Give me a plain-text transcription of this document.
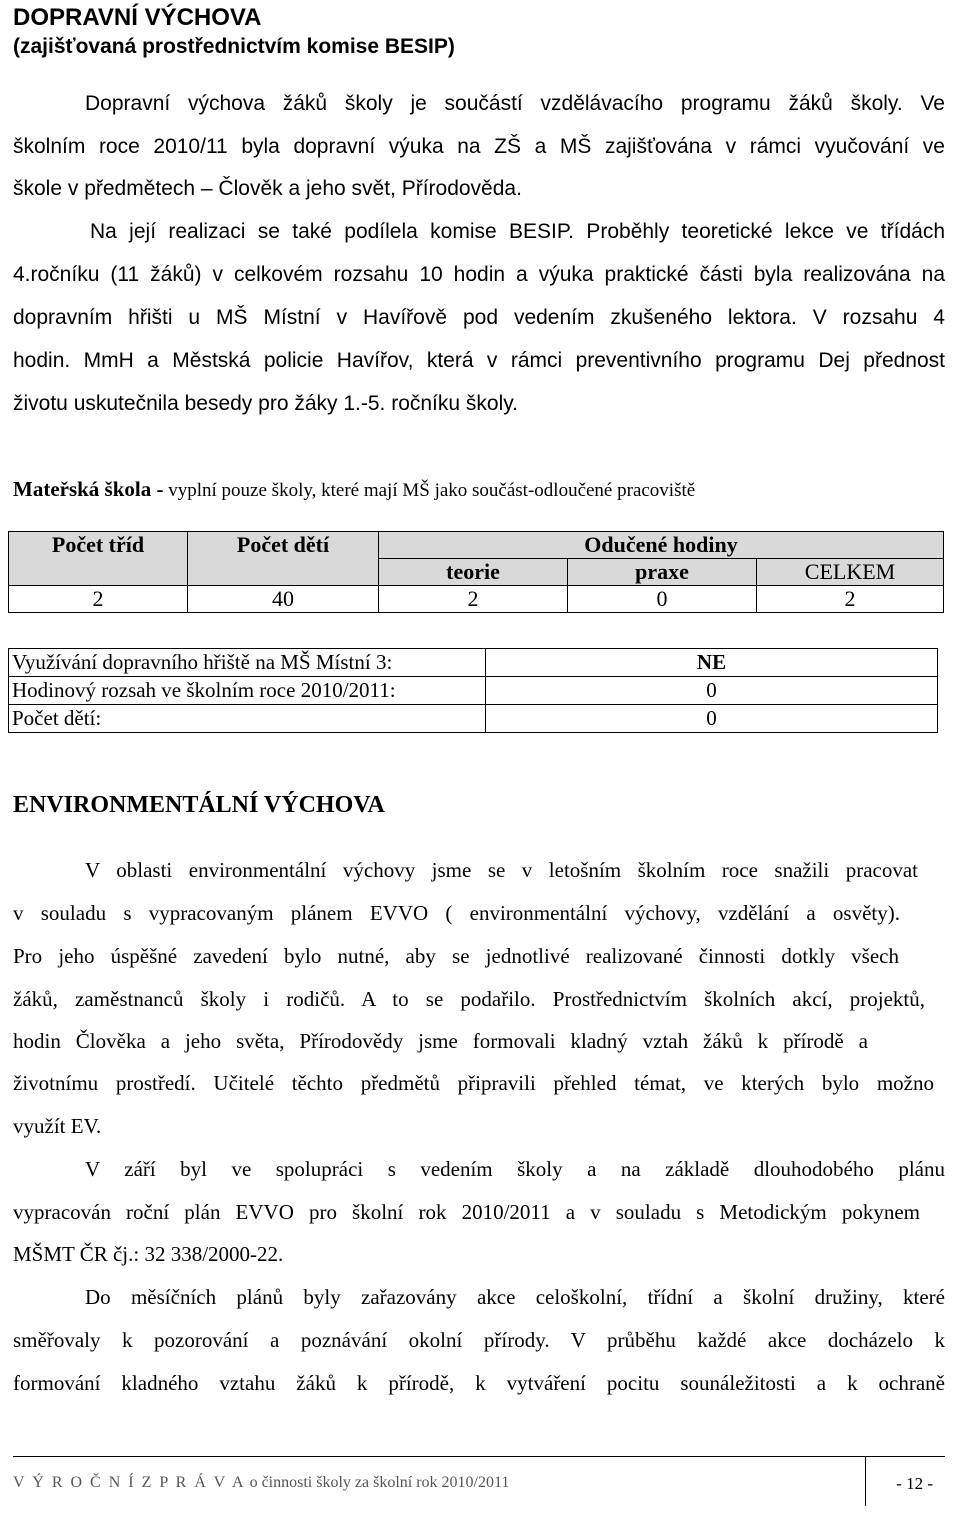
DOPRAVNÍ VÝCHOVA
(zajišťovaná prostřednictvím komise BESIP)
Dopravní výchova žáků školy je součástí vzdělávacího programu žáků školy. Ve
školním roce 2010/11 byla dopravní výuka na ZŠ a MŠ zajišťována v rámci vyučování ve
škole v předmětech – Člověk a jeho svět, Přírodověda.
Na její realizaci se také podílela komise BESIP. Proběhly teoretické lekce ve třídách
4.ročníku (11 žáků) v celkovém rozsahu 10 hodin a výuka praktické části byla realizována na
dopravním hřišti u MŠ Místní v Havířově pod vedením zkušeného lektora. V rozsahu 4
hodin. MmH a Městská policie Havířov, která v rámci preventivního programu Dej přednost
životu uskutečnila besedy pro žáky 1.-5. ročníku školy.
Mateřská škola - vyplní pouze školy, které mají MŠ jako součást-odloučené pracoviště
Počet tříd	Počet dětí	Odučené hodiny		
		teorie	praxe	CELKEM
2	40	2	0	2
Využívání dopravního hřiště na MŠ Místní 3:	NE
Hodinový rozsah ve školním roce 2010/2011:	0
Počet dětí:	0
ENVIRONMENTÁLNÍ VÝCHOVA
V oblasti environmentální výchovy jsme se v letošním školním roce snažili pracovat
v souladu s vypracovaným plánem EVVO ( environmentální výchovy, vzdělání a osvěty).
Pro jeho úspěšné zavedení bylo nutné, aby se jednotlivé realizované činnosti dotkly všech
žáků, zaměstnanců školy i rodičů. A to se podařilo. Prostřednictvím školních akcí, projektů,
hodin Člověka a jeho světa, Přírodovědy jsme formovali kladný vztah žáků k přírodě a
životnímu prostředí. Učitelé těchto předmětů připravili přehled témat, ve kterých bylo možno
využít EV.
V září byl ve spolupráci s vedením školy a na základě dlouhodobého plánu
vypracován roční plán EVVO pro školní rok 2010/2011 a v souladu s Metodickým pokynem
MŠMT ČR čj.: 32 338/2000-22.
Do měsíčních plánů byly zařazovány akce celoškolní, třídní a školní družiny, které
směřovaly k pozorování a poznávání okolní přírody. V průběhu každé akce docházelo k
formování kladného vztahu žáků k přírodě, k vytváření pocitu sounáležitosti a k ochraně
V Ý R O Č N Í Z P R Á V A o činnosti školy za školní rok 2010/2011	- 12 -
